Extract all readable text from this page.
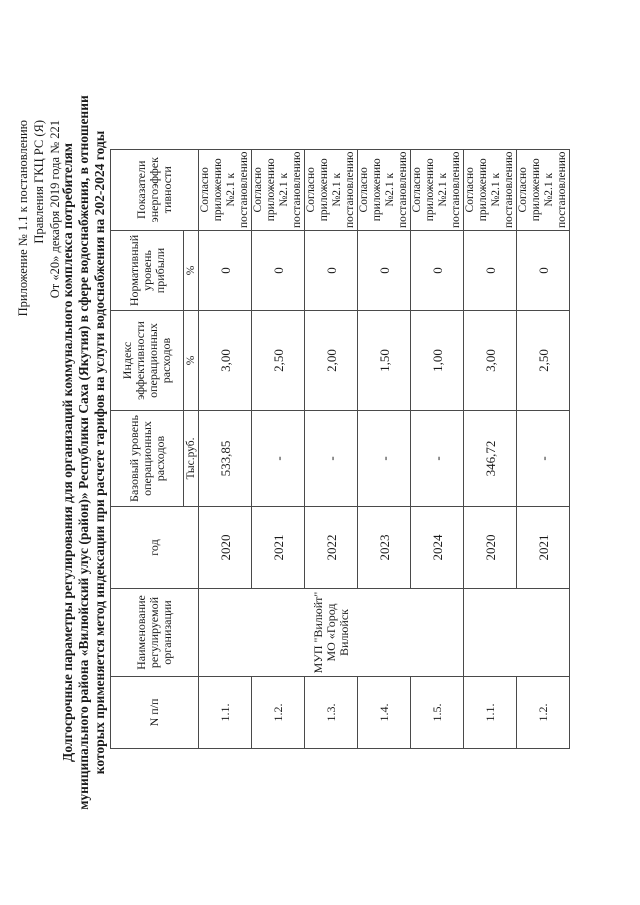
Приложение № 1.1 к постановлению Правления ГКЦ РС (Я) От «20» декабря 2019 года № 221
Долгосрочные параметры регулирования для организаций коммунального комплекса потребителям муниципального района «Вилюйский улус (район)» Республики Саха (Якутия) в сфере водоснабжения, в отношении которых применяется метод индексации при расчете тарифов на услуги водоснабжения на 202-2024 годы	N п/п	Наименование регулируемой организации	год	Базовый уровень операционных расходов	Индекс эффективности операционных расходов	Нормативный уровень прибыли	Показатели энергоэффек тивности
			Тыс.руб.	%	%	
1.1.	МУП "Вилюйт" МО «Город Вилюйск	2020	533,85	3,00	0	Согласно приложению №2.1 к постановлению
1.2.		2021	-	2,50	0	Согласно приложению №2.1 к постановлению
1.3.		2022	-	2,00	0	Согласно приложению №2.1 к постановлению
1.4.		2023	-	1,50	0	Согласно приложению №2.1 к постановлению
1.5.		2024	-	1,00	0	Согласно приложению №2.1 к постановлению
1.1.		2020	346,72	3,00	0	Согласно приложению №2.1 к постановлению
1.2.		2021	-	2,50	0	Согласно приложению №2.1 к постановлению
